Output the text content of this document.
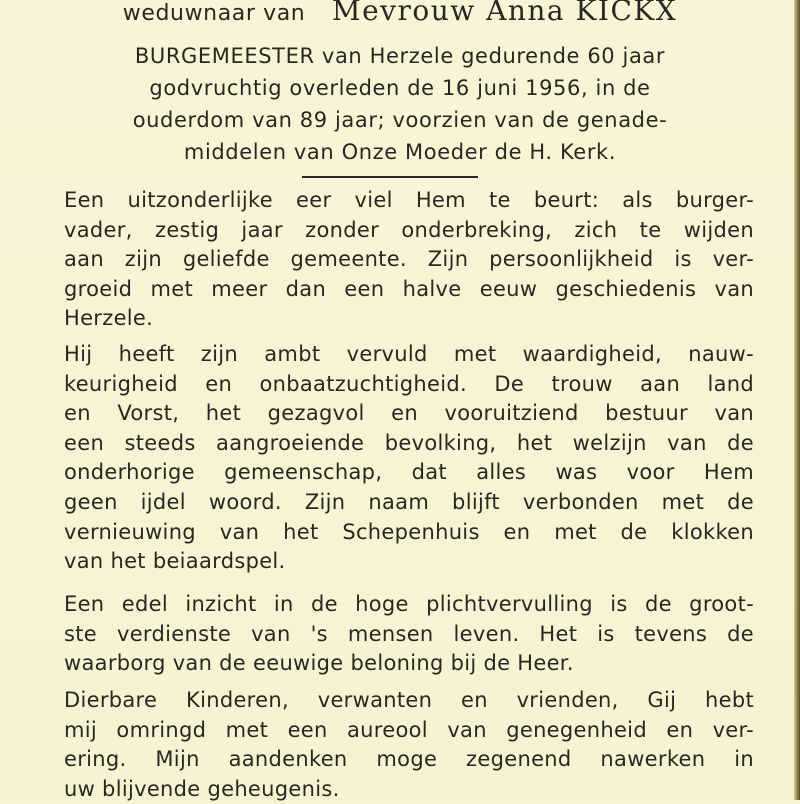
weduwnaar van Mevrouw Anna KICKX
BURGEMEESTER van Herzele gedurende 60 jaar
godvruchtig overleden de 16 juni 1956, in de
ouderdom van 89 jaar; voorzien van de genade-
middelen van Onze Moeder de H. Kerk.
Een uitzonderlijke eer viel Hem te beurt: als burger-
vader, zestig jaar zonder onderbreking, zich te wijden
aan zijn geliefde gemeente. Zijn persoonlijkheid is ver-
groeid met meer dan een halve eeuw geschiedenis van
Herzele.
Hij heeft zijn ambt vervuld met waardigheid, nauw-
keurigheid en onbaatzuchtigheid. De trouw aan land
en Vorst, het gezagvol en vooruitziend bestuur van
een steeds aangroeiende bevolking, het welzijn van de
onderhorige gemeenschap, dat alles was voor Hem
geen ijdel woord. Zijn naam blijft verbonden met de
vernieuwing van het Schepenhuis en met de klokken
van het beiaardspel.
Een edel inzicht in de hoge plichtvervulling is de groot-
ste verdienste van 's mensen leven. Het is tevens de
waarborg van de eeuwige beloning bij de Heer.
Dierbare Kinderen, verwanten en vrienden, Gij hebt
mij omringd met een aureool van genegenheid en ver-
ering. Mijn aandenken moge zegenend nawerken in
uw blijvende geheugenis.
